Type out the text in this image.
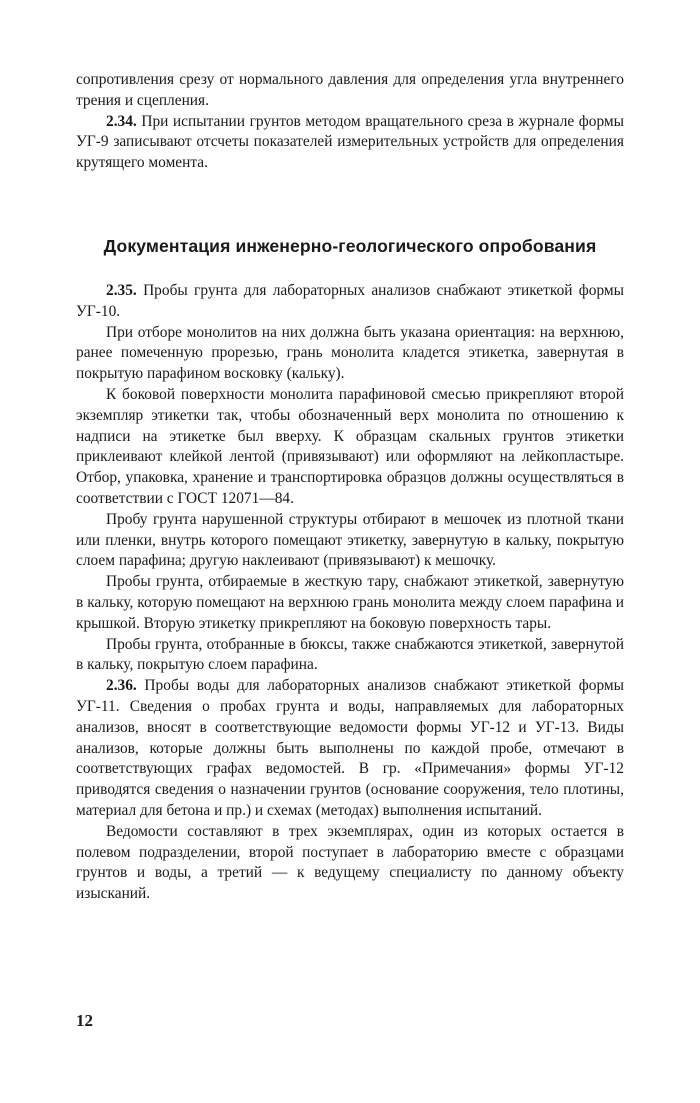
сопротивления срезу от нормального давления для определения угла внутреннего трения и сцепления.

2.34. При испытании грунтов методом вращательного среза в журнале формы УГ-9 записывают отсчеты показателей измерительных устройств для определения крутящего момента.

Документация инженерно-геологического опробования

2.35. Пробы грунта для лабораторных анализов снабжают этикеткой формы УГ-10.

При отборе монолитов на них должна быть указана ориентация: на верхнюю, ранее помеченную прорезью, грань монолита кладется этикетка, завернутая в покрытую парафином восковку (кальку).

К боковой поверхности монолита парафиновой смесью прикрепляют второй экземпляр этикетки так, чтобы обозначенный верх монолита по отношению к надписи на этикетке был вверху. К образцам скальных грунтов этикетки приклеивают клейкой лентой (привязывают) или оформляют на лейкопластыре. Отбор, упаковка, хранение и транспортировка образцов должны осуществляться в соответствии с ГОСТ 12071—84.

Пробу грунта нарушенной структуры отбирают в мешочек из плотной ткани или пленки, внутрь которого помещают этикетку, завернутую в кальку, покрытую слоем парафина; другую наклеивают (привязывают) к мешочку.

Пробы грунта, отбираемые в жесткую тару, снабжают этикеткой, завернутую в кальку, которую помещают на верхнюю грань монолита между слоем парафина и крышкой. Вторую этикетку прикрепляют на боковую поверхность тары.

Пробы грунта, отобранные в бюксы, также снабжаются этикеткой, завернутой в кальку, покрытую слоем парафина.

2.36. Пробы воды для лабораторных анализов снабжают этикеткой формы УГ-11. Сведения о пробах грунта и воды, направляемых для лабораторных анализов, вносят в соответствующие ведомости формы УГ-12 и УГ-13. Виды анализов, которые должны быть выполнены по каждой пробе, отмечают в соответствующих графах ведомостей. В гр. «Примечания» формы УГ-12 приводятся сведения о назначении грунтов (основание сооружения, тело плотины, материал для бетона и пр.) и схемах (методах) выполнения испытаний.

Ведомости составляют в трех экземплярах, один из которых остается в полевом подразделении, второй поступает в лабораторию вместе с образцами грунтов и воды, а третий — к ведущему специалисту по данному объекту изысканий.

12
